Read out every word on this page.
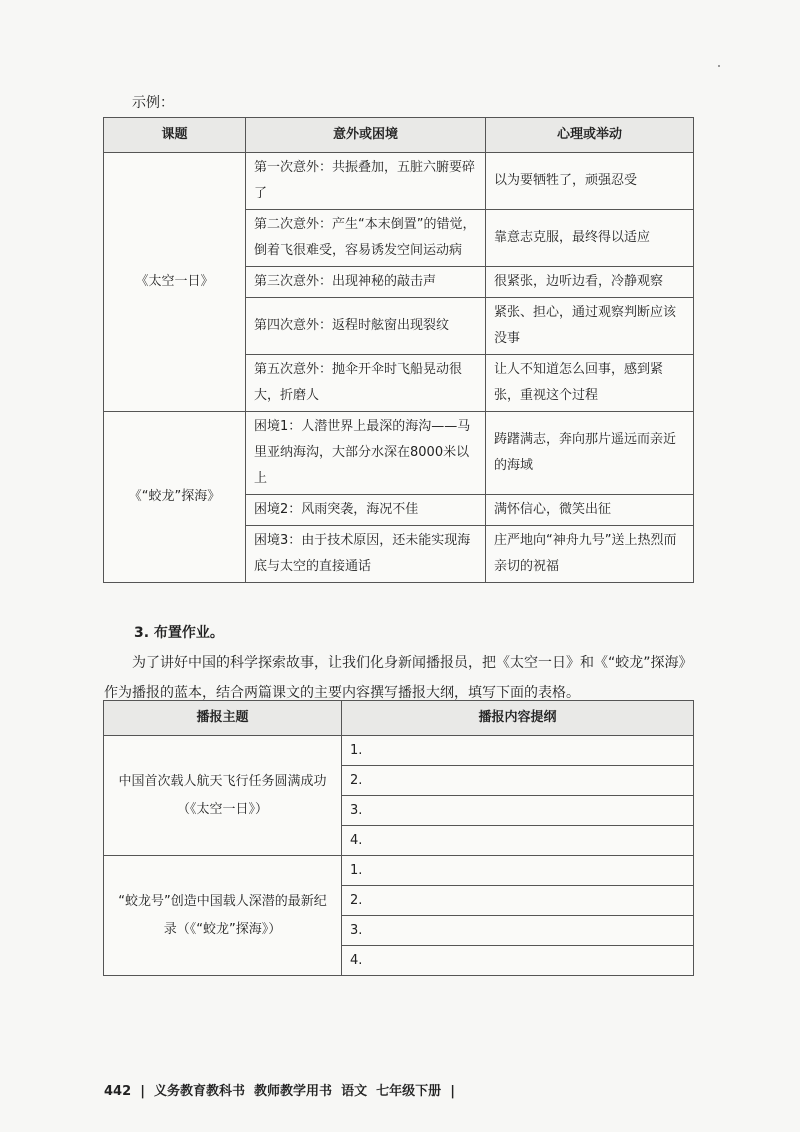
示例：
课题	意外或困境	心理或举动
《太空一日》	第一次意外：共振叠加，五脏六腑要碎了	以为要牺牲了，顽强忍受
	第二次意外：产生“本末倒置”的错觉，倒着飞很难受，容易诱发空间运动病	靠意志克服，最终得以适应
	第三次意外：出现神秘的敲击声	很紧张，边听边看，冷静观察
	第四次意外：返程时舷窗出现裂纹	紧张、担心，通过观察判断应该没事
	第五次意外：抛伞开伞时飞船晃动很大，折磨人	让人不知道怎么回事，感到紧张，重视这个过程
《“蛟龙”探海》	困境1：人潜世界上最深的海沟——马里亚纳海沟，大部分水深在8000米以上	踌躇满志，奔向那片遥远而亲近的海域
	困境2：风雨突袭，海况不佳	满怀信心，微笑出征
	困境3：由于技术原因，还未能实现海底与太空的直接通话	庄严地向“神舟九号”送上热烈而亲切的祝福
3. 布置作业。

为了讲好中国的科学探索故事，让我们化身新闻播报员，把《太空一日》和《“蛟龙”探海》作为播报的蓝本，结合两篇课文的主要内容撰写播报大纲，填写下面的表格。

播报主题	播报内容提纲
中国首次载人航天飞行任务圆满成功（《太空一日》）	1.
	2.
	3.
	4.
“蛟龙号”创造中国载人深潜的最新纪录（《“蛟龙”探海》）	1.
	2.
	3.
	4.
442  |  义务教育教科书  教师教学用书  语文  七年级下册  |
